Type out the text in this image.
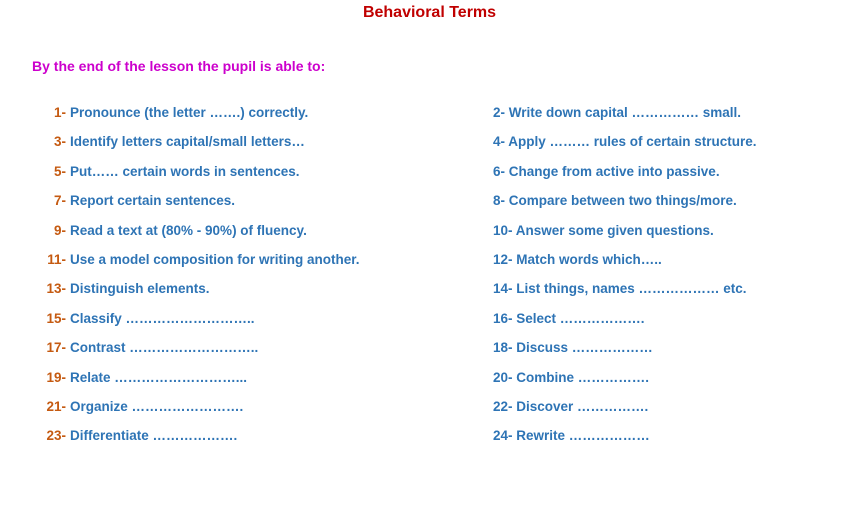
Behavioral Terms
By the end of the lesson the pupil is able to:
1- Pronounce (the letter …….) correctly.
3- Identify letters capital/small letters…
5- Put…… certain words in sentences.
7- Report certain sentences.
9- Read a text at (80% - 90%) of fluency.
11- Use a model composition for writing another.
13- Distinguish elements.
15- Classify ………………………..
17- Contrast ………………………..
19- Relate ………………………...
21- Organize …………………….
23- Differentiate ……………….
2- Write down capital …………… small.
4- Apply ……… rules of certain structure.
6- Change from active into passive.
8- Compare between two things/more.
10- Answer some given questions.
12- Match words which…..
14- List things, names ……………… etc.
16- Select ……………….
18- Discuss ………………
20- Combine …………….
22- Discover …………….
24- Rewrite ………………
